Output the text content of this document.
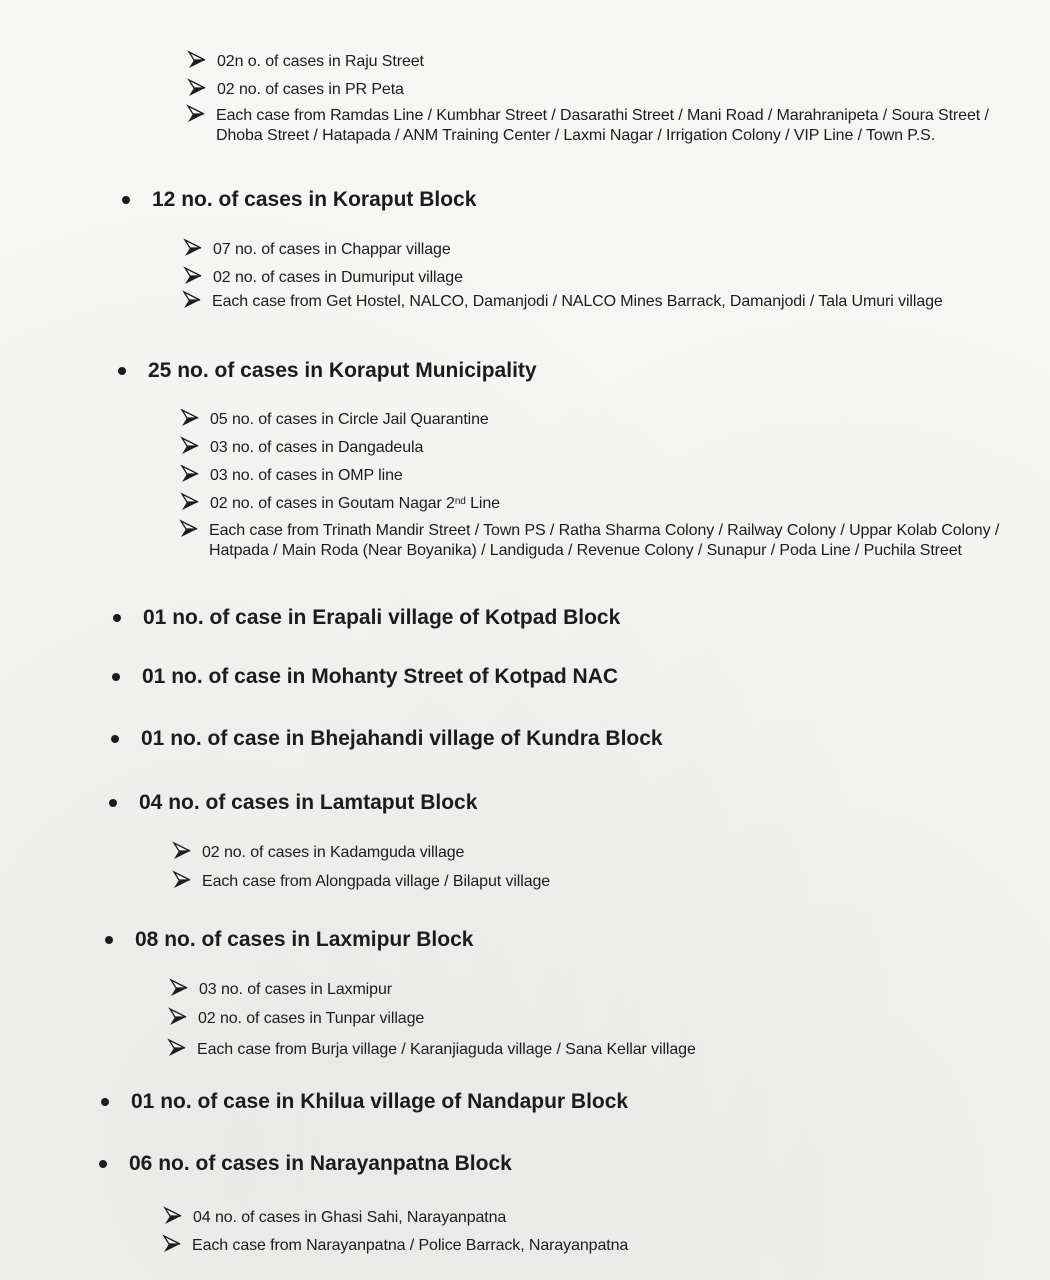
02n o. of cases in Raju Street
02 no. of cases in PR Peta
Each case from Ramdas Line / Kumbhar Street / Dasarathi Street / Mani Road / Marahranipeta / Soura Street / Dhoba Street / Hatapada / ANM Training Center / Laxmi Nagar / Irrigation Colony / VIP Line / Town P.S.
12 no. of cases in Koraput Block
07 no. of cases in Chappar village
02 no. of cases in Dumuriput village
Each case from Get Hostel, NALCO, Damanjodi / NALCO Mines Barrack, Damanjodi / Tala Umuri village
25 no. of cases in Koraput Municipality
05 no. of cases in Circle Jail Quarantine
03 no. of cases in Dangadeula
03 no. of cases in OMP line
02 no. of cases in Goutam Nagar 2nd Line
Each case from Trinath Mandir Street / Town PS / Ratha Sharma Colony / Railway Colony / Uppar Kolab Colony / Hatpada / Main Roda (Near Boyanika) / Landiguda / Revenue Colony / Sunapur / Poda Line / Puchila Street
01 no. of case in Erapali village of Kotpad Block
01 no. of case in Mohanty Street of Kotpad NAC
01 no. of case in Bhejahandi village of Kundra Block
04 no. of cases in Lamtaput Block
02 no. of cases in Kadamguda village
Each case from Alongpada village / Bilaput village
08 no. of cases in Laxmipur Block
03 no. of cases in Laxmipur
02 no. of cases in Tunpar village
Each case from Burja village / Karanjiaguda village / Sana Kellar village
01 no. of case in Khilua village of Nandapur Block
06 no. of cases in Narayanpatna Block
04 no. of cases in Ghasi Sahi, Narayanpatna
Each case from Narayanpatna / Police Barrack, Narayanpatna
